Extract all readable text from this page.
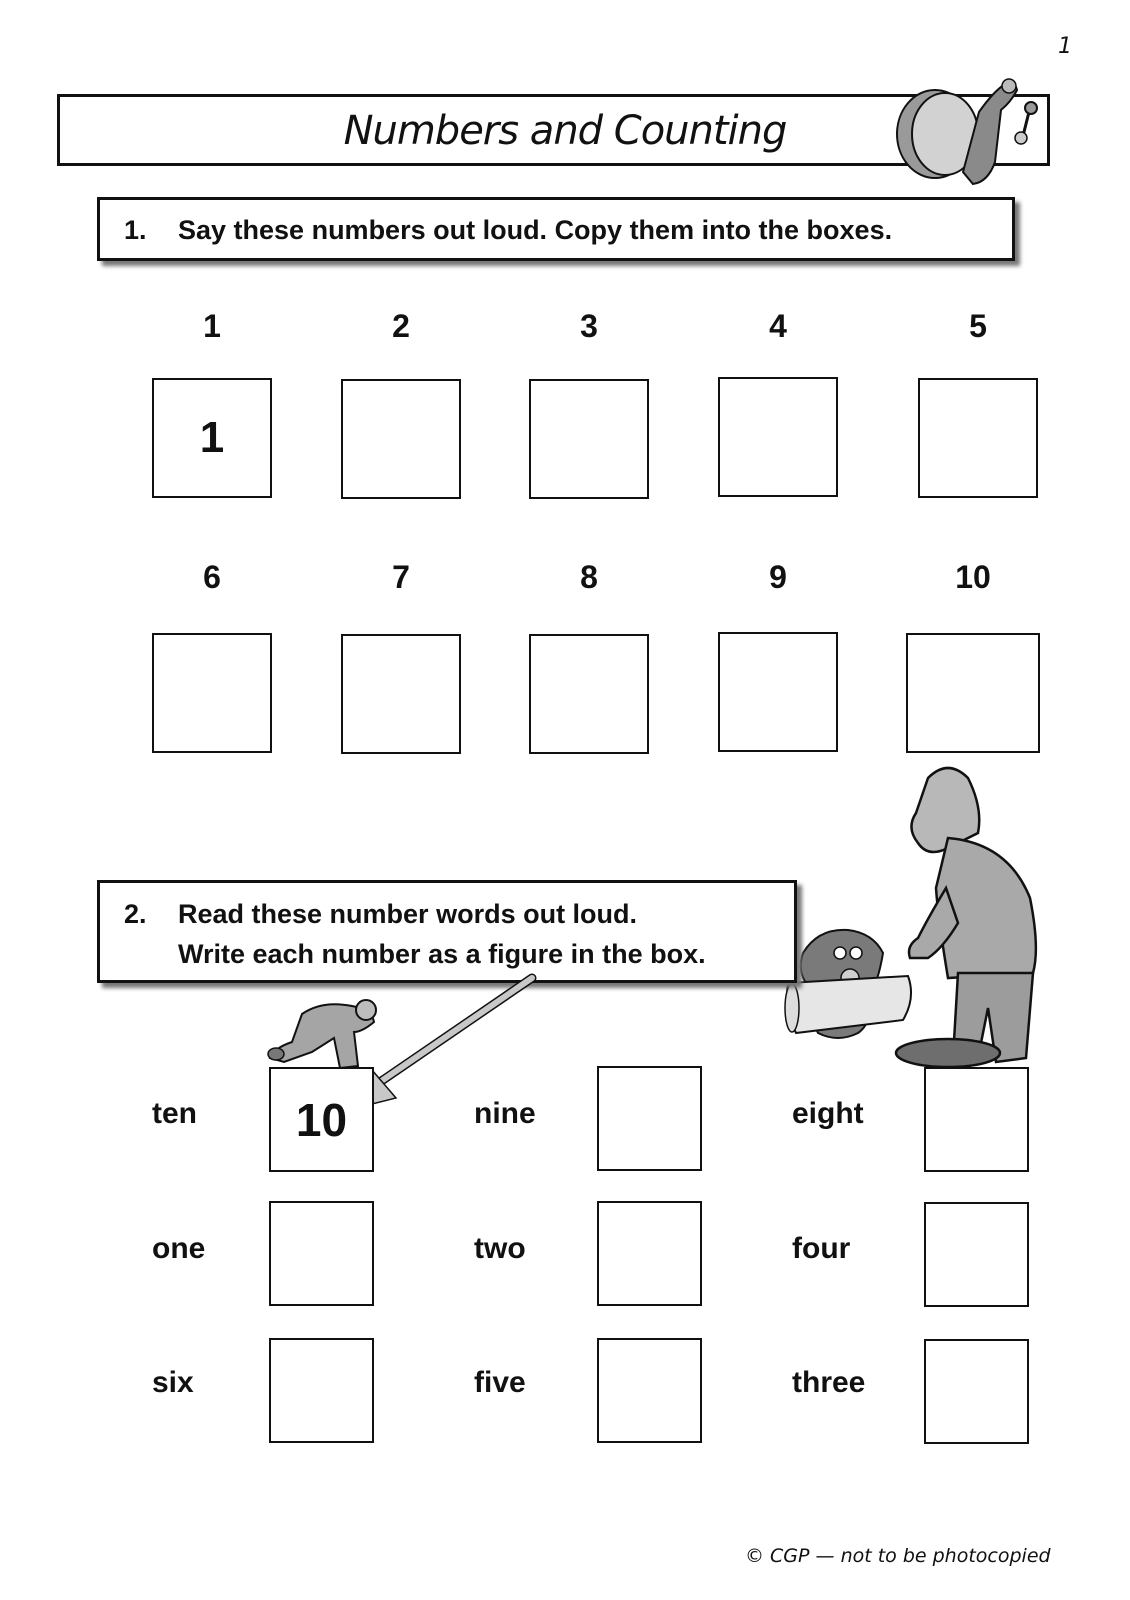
1
Numbers and Counting
1. Say these numbers out loud. Copy them into the boxes.
1	2	3	4	5
1
6	7	8	9	10
2. Read these number words out loud.
Write each number as a figure in the box.
ten	10	nine	eight
one	two	four
six	five	three
© CGP — not to be photocopied
